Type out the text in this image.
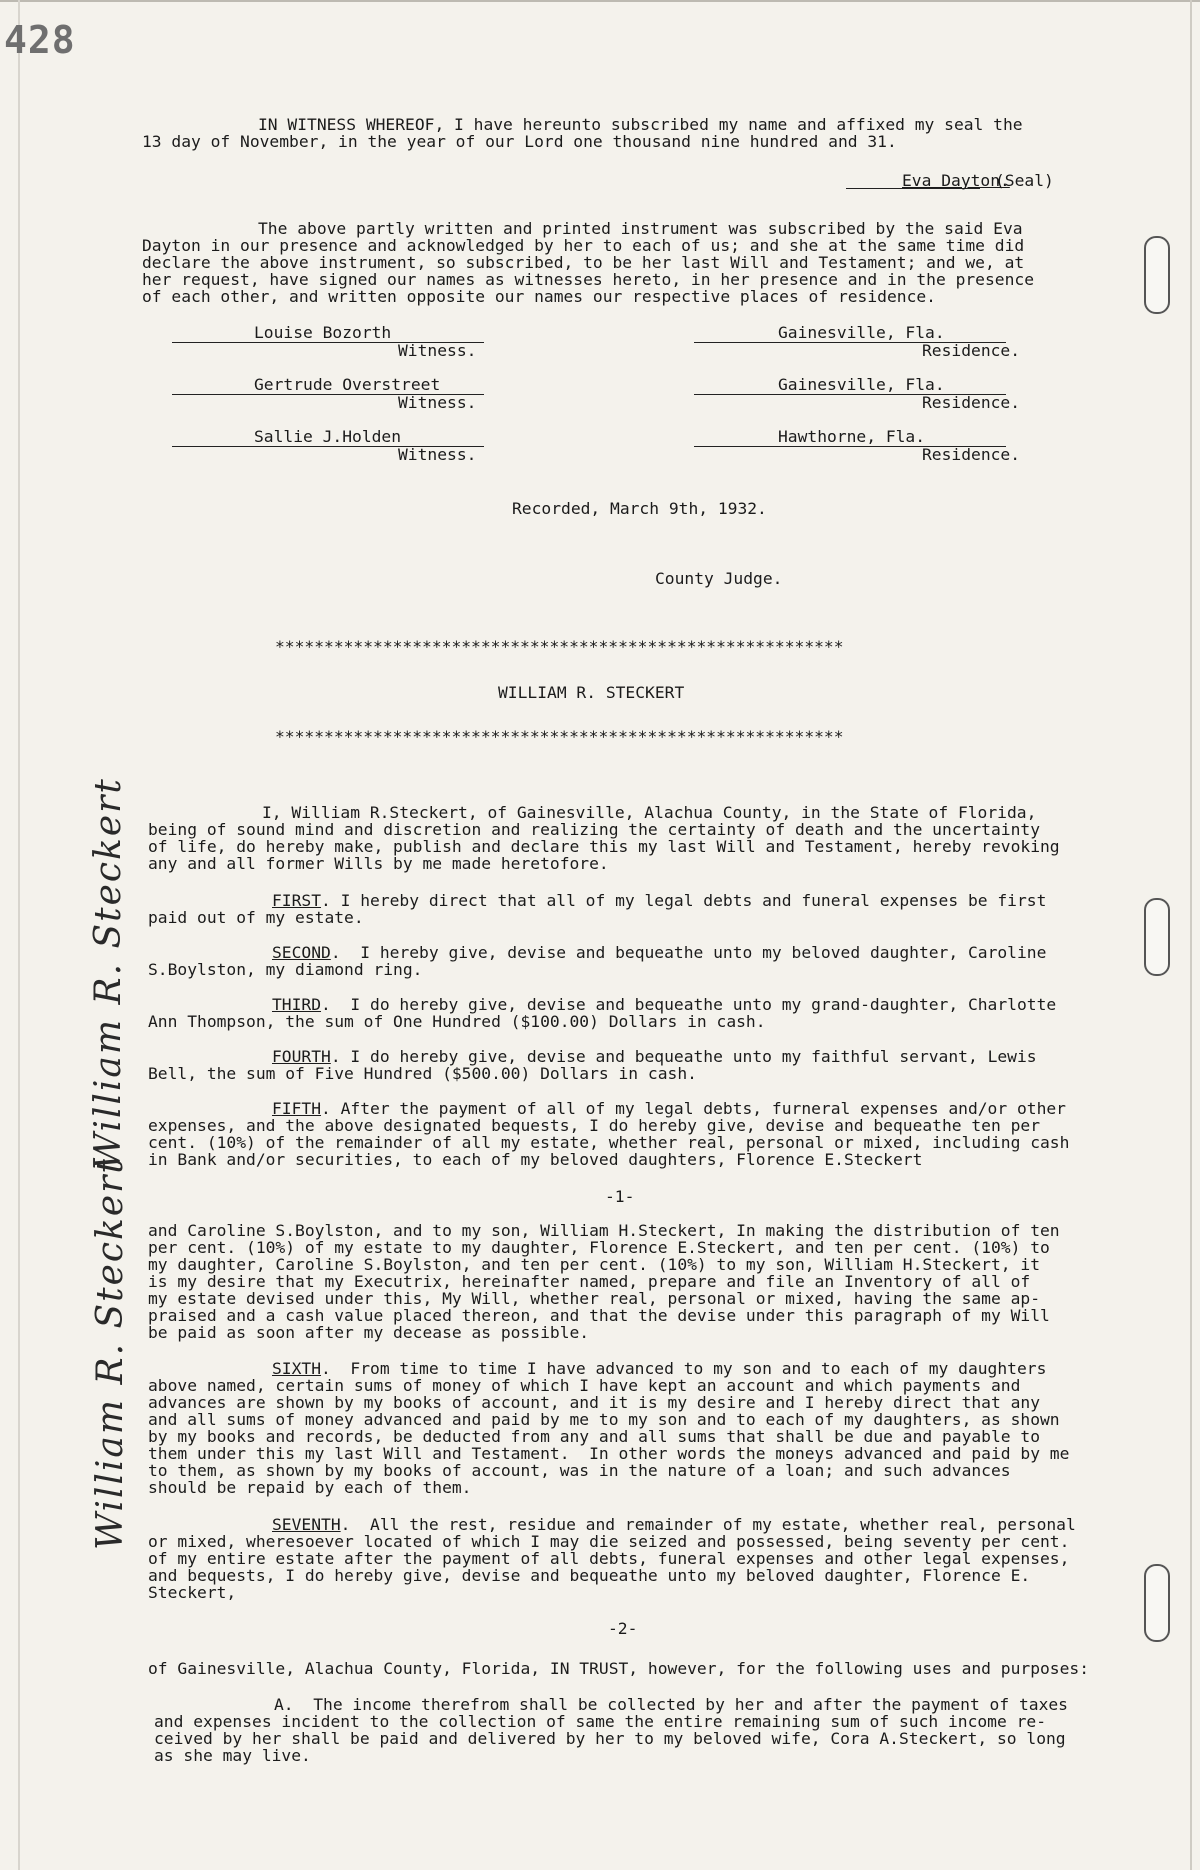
428
William R. Steckert
William R. Steckert
IN WITNESS WHEREOF, I have hereunto subscribed my name and affixed my seal the
13 day of November, in the year of our Lord one thousand nine hundred and 31.
Eva Dayton.
(Seal)
The above partly written and printed instrument was subscribed by the said Eva
Dayton in our presence and acknowledged by her to each of us; and she at the same time did
declare the above instrument, so subscribed, to be her last Will and Testament; and we, at
her request, have signed our names as witnesses hereto, in her presence and in the presence
of each other, and written opposite our names our respective places of residence.
Louise Bozorth
Witness.
Gainesville, Fla.
Residence.
Gertrude Overstreet
Witness.
Gainesville, Fla.
Residence.
Sallie J.Holden
Witness.
Hawthorne, Fla.
Residence.
Recorded, March 9th, 1932.
County Judge.
**********************************************************
WILLIAM R. STECKERT
**********************************************************
I, William R.Steckert, of Gainesville, Alachua County, in the State of Florida,
being of sound mind and discretion and realizing the certainty of death and the uncertainty
of life, do hereby make, publish and declare this my last Will and Testament, hereby revoking
any and all former Wills by me made heretofore.
FIRST. I hereby direct that all of my legal debts and funeral expenses be first
paid out of my estate.
SECOND.  I hereby give, devise and bequeathe unto my beloved daughter, Caroline
S.Boylston, my diamond ring.
THIRD.  I do hereby give, devise and bequeathe unto my grand-daughter, Charlotte
Ann Thompson, the sum of One Hundred ($100.00) Dollars in cash.
FOURTH. I do hereby give, devise and bequeathe unto my faithful servant, Lewis
Bell, the sum of Five Hundred ($500.00) Dollars in cash.
FIFTH. After the payment of all of my legal debts, furneral expenses and/or other
expenses, and the above designated bequests, I do hereby give, devise and bequeathe ten per
cent. (10%) of the remainder of all my estate, whether real, personal or mixed, including cash
in Bank and/or securities, to each of my beloved daughters, Florence E.Steckert
-1-
and Caroline S.Boylston, and to my son, William H.Steckert, In making the distribution of ten
per cent. (10%) of my estate to my daughter, Florence E.Steckert, and ten per cent. (10%) to
my daughter, Caroline S.Boylston, and ten per cent. (10%) to my son, William H.Steckert, it
is my desire that my Executrix, hereinafter named, prepare and file an Inventory of all of
my estate devised under this, My Will, whether real, personal or mixed, having the same ap-
praised and a cash value placed thereon, and that the devise under this paragraph of my Will
be paid as soon after my decease as possible.
SIXTH.  From time to time I have advanced to my son and to each of my daughters
above named, certain sums of money of which I have kept an account and which payments and
advances are shown by my books of account, and it is my desire and I hereby direct that any
and all sums of money advanced and paid by me to my son and to each of my daughters, as shown
by my books and records, be deducted from any and all sums that shall be due and payable to
them under this my last Will and Testament.  In other words the moneys advanced and paid by me
to them, as shown by my books of account, was in the nature of a loan; and such advances
should be repaid by each of them.
SEVENTH.  All the rest, residue and remainder of my estate, whether real, personal
or mixed, wheresoever located of which I may die seized and possessed, being seventy per cent.
of my entire estate after the payment of all debts, funeral expenses and other legal expenses,
and bequests, I do hereby give, devise and bequeathe unto my beloved daughter, Florence E.
Steckert,
-2-
of Gainesville, Alachua County, Florida, IN TRUST, however, for the following uses and purposes:
A.  The income therefrom shall be collected by her and after the payment of taxes
and expenses incident to the collection of same the entire remaining sum of such income re-
ceived by her shall be paid and delivered by her to my beloved wife, Cora A.Steckert, so long
as she may live.
